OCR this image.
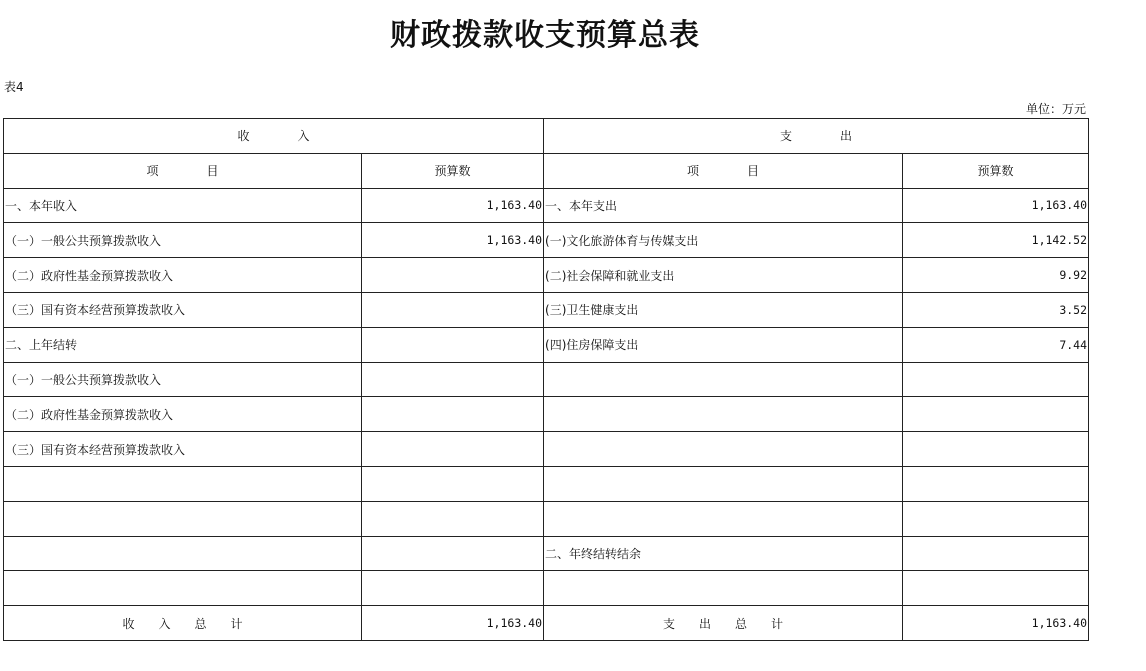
财政拨款收支预算总表
表4
单位：万元
收　　　　入		支　　　　出	
项　　　　目	预算数	项　　　　目	预算数
一、本年收入	1,163.40	一、本年支出	1,163.40
（一）一般公共预算拨款收入	1,163.40	(一)文化旅游体育与传媒支出	1,142.52
（二）政府性基金预算拨款收入		(二)社会保障和就业支出	9.92
（三）国有资本经营预算拨款收入		(三)卫生健康支出	3.52
二、上年结转		(四)住房保障支出	7.44
（一）一般公共预算拨款收入			
（二）政府性基金预算拨款收入			
（三）国有资本经营预算拨款收入			

		二、年终结转结余	

收　　入　　总　　计	1,163.40	支　　出　　总　　计	1,163.40
